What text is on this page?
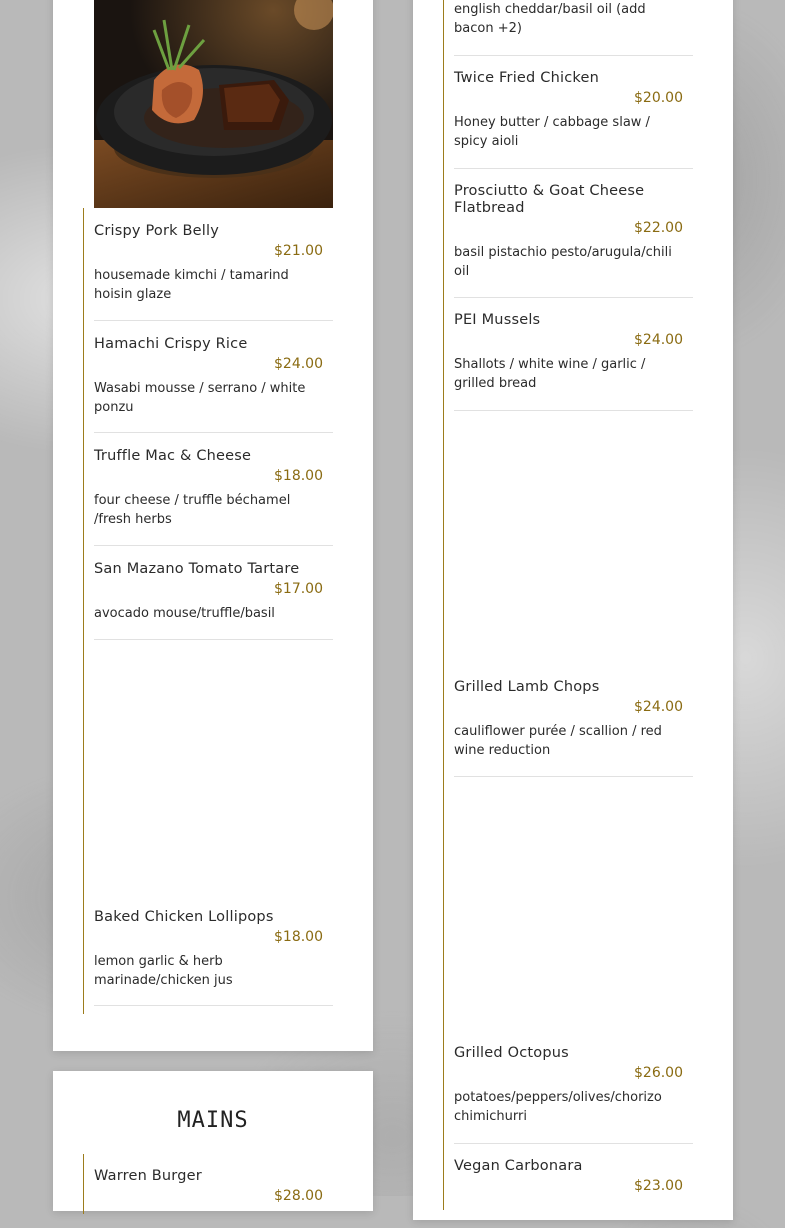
Crispy Pork Belly
$21.00
housemade kimchi / tamarind hoisin glaze
Hamachi Crispy Rice
$24.00
Wasabi mousse / serrano / white ponzu
Truffle Mac & Cheese
$18.00
four cheese / truffle béchamel /fresh herbs
San Mazano Tomato Tartare
$17.00
avocado mouse/truffle/basil
Baked Chicken Lollipops
$18.00
lemon garlic & herb marinade/chicken jus
MAINS
Warren Burger
$28.00
english cheddar/basil oil (add bacon +2)
Twice Fried Chicken
$20.00
Honey butter / cabbage slaw / spicy aioli
Prosciutto & Goat Cheese Flatbread
$22.00
basil pistachio pesto/arugula/chili oil
PEI Mussels
$24.00
Shallots / white wine / garlic / grilled bread
Grilled Lamb Chops
$24.00
cauliflower purée / scallion / red wine reduction
Grilled Octopus
$26.00
potatoes/peppers/olives/chorizo chimichurri
Vegan Carbonara
$23.00
